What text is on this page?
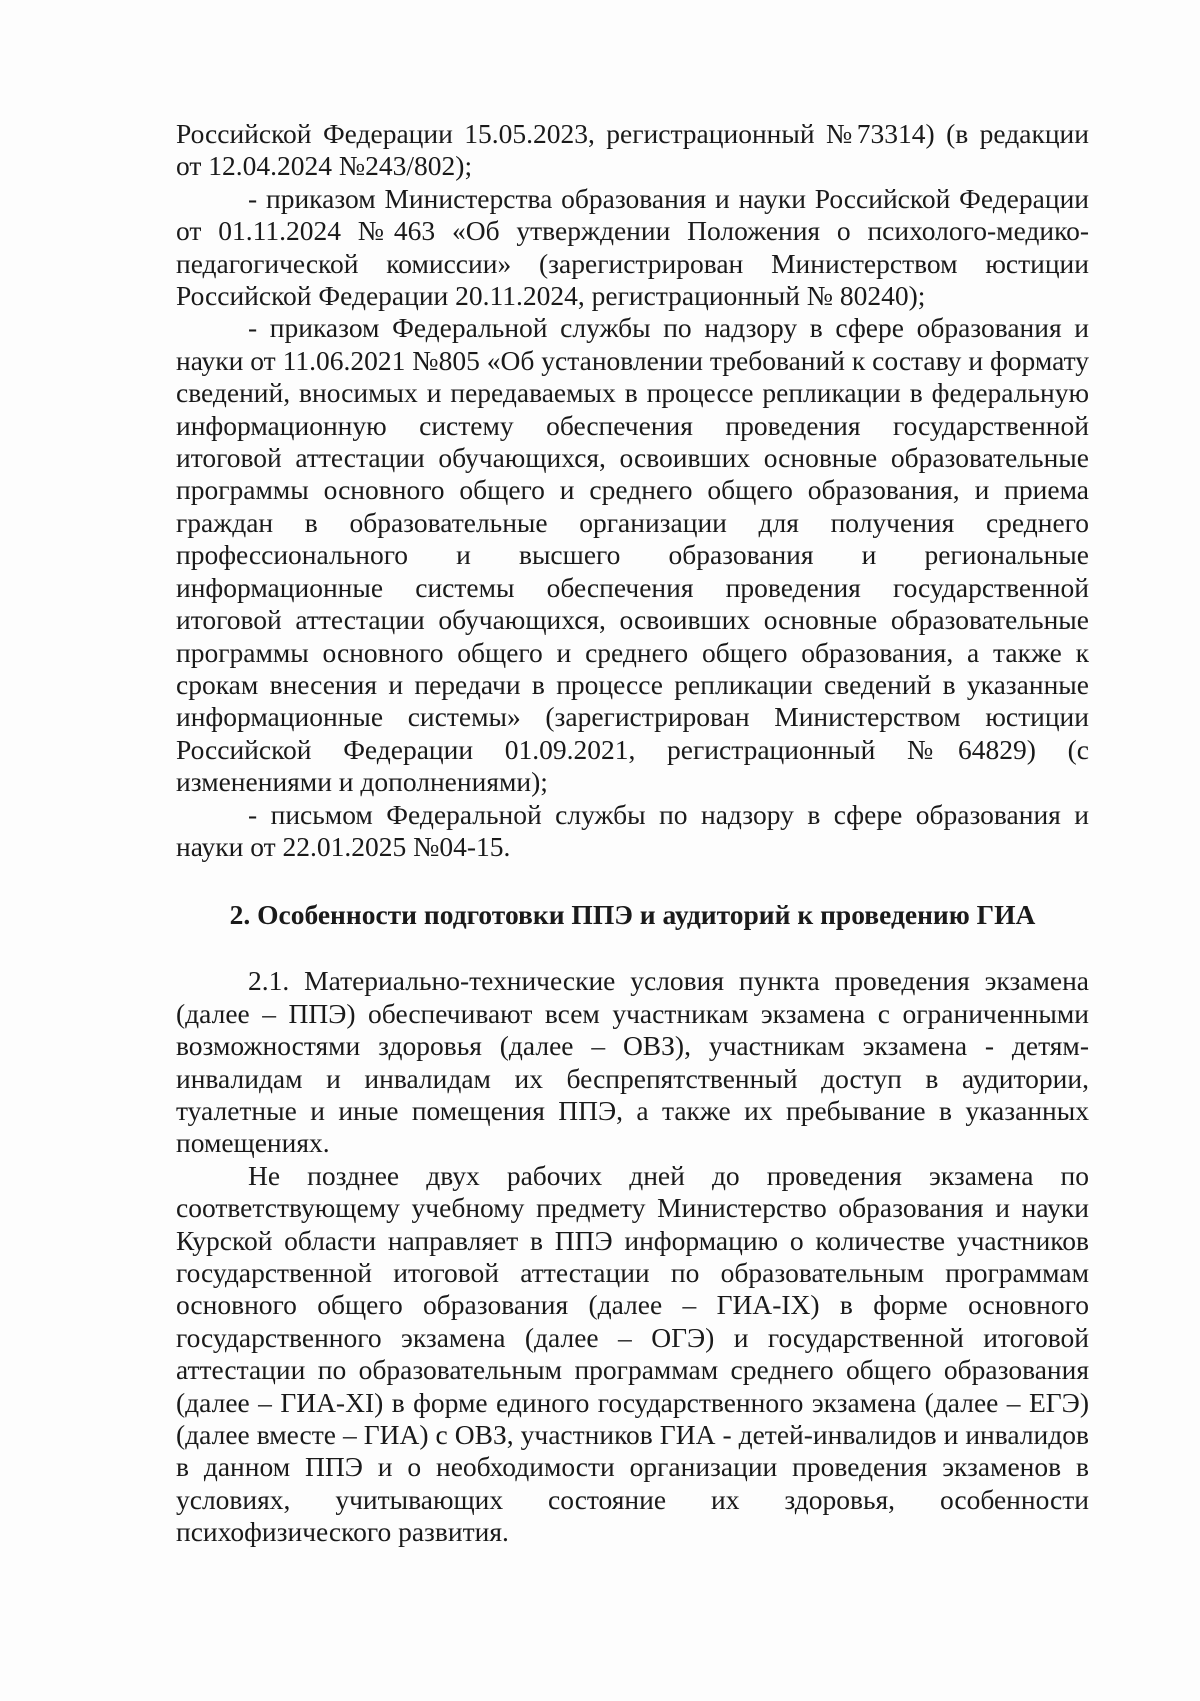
Российской Федерации 15.05.2023, регистрационный №73314) (в редакции от 12.04.2024 №243/802);

- приказом Министерства образования и науки Российской Федерации от 01.11.2024 №463 «Об утверждении Положения о психолого-медико-педагогической комиссии» (зарегистрирован Министерством юстиции Российской Федерации 20.11.2024, регистрационный № 80240);

- приказом Федеральной службы по надзору в сфере образования и науки от 11.06.2021 №805 «Об установлении требований к составу и формату сведений, вносимых и передаваемых в процессе репликации в федеральную информационную систему обеспечения проведения государственной итоговой аттестации обучающихся, освоивших основные образовательные программы основного общего и среднего общего образования, и приема граждан в образовательные организации для получения среднего профессионального и высшего образования и региональные информационные системы обеспечения проведения государственной итоговой аттестации обучающихся, освоивших основные образовательные программы основного общего и среднего общего образования, а также к срокам внесения и передачи в процессе репликации сведений в указанные информационные системы» (зарегистрирован Министерством юстиции Российской Федерации 01.09.2021, регистрационный №64829) (с изменениями и дополнениями);

- письмом Федеральной службы по надзору в сфере образования и науки от 22.01.2025 №04-15.

2. Особенности подготовки ППЭ и аудиторий к проведению ГИА

2.1. Материально-технические условия пункта проведения экзамена (далее – ППЭ) обеспечивают всем участникам экзамена с ограниченными возможностями здоровья (далее – ОВЗ), участникам экзамена - детям-инвалидам и инвалидам их беспрепятственный доступ в аудитории, туалетные и иные помещения ППЭ, а также их пребывание в указанных помещениях.

Не позднее двух рабочих дней до проведения экзамена по соответствующему учебному предмету Министерство образования и науки Курской области направляет в ППЭ информацию о количестве участников государственной итоговой аттестации по образовательным программам основного общего образования (далее – ГИА-IX) в форме основного государственного экзамена (далее – ОГЭ) и государственной итоговой аттестации по образовательным программам среднего общего образования (далее – ГИА-XI) в форме единого государственного экзамена (далее – ЕГЭ) (далее вместе – ГИА) с ОВЗ, участников ГИА - детей-инвалидов и инвалидов в данном ППЭ и о необходимости организации проведения экзаменов в условиях, учитывающих состояние их здоровья, особенности психофизического развития.
